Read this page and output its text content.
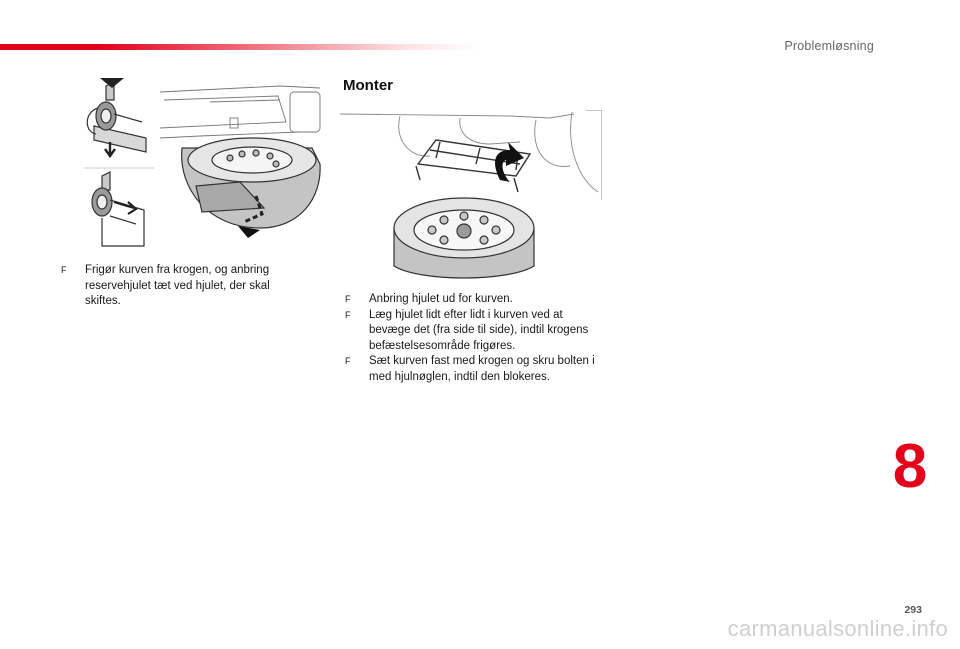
Problemløsning
F	Frigør kurven fra krogen, og anbring reservehjulet tæt ved hjulet, der skal skiftes.
Monter
F	Anbring hjulet ud for kurven.
F	Læg hjulet lidt efter lidt i kurven ved at bevæge det (fra side til side), indtil krogens befæstelsesområde frigøres.
F	Sæt kurven fast med krogen og skru bolten i med hjulnøglen, indtil den blokeres.
8
293
carmanualsonline.info
